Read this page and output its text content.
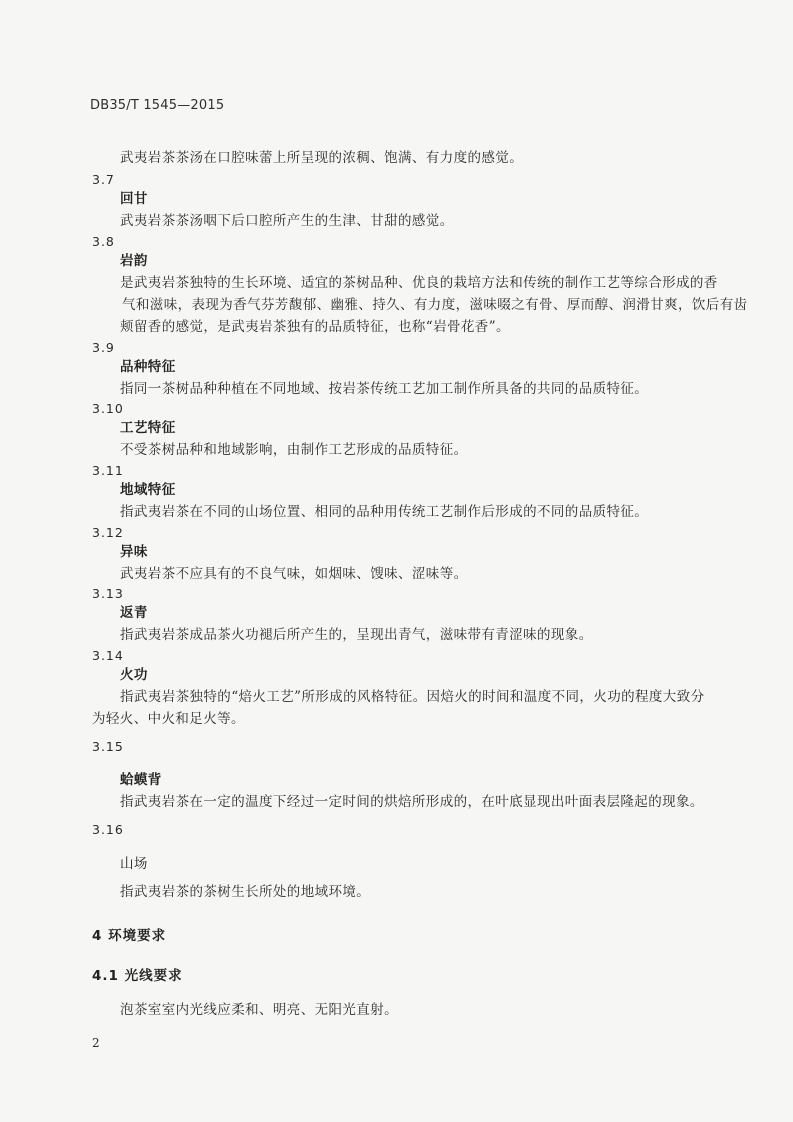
DB35/T 1545—2015
武夷岩茶茶汤在口腔味蕾上所呈现的浓稠、饱满、有力度的感觉。
3.7
回甘
武夷岩茶茶汤咽下后口腔所产生的生津、甘甜的感觉。
3.8
岩韵
是武夷岩茶独特的生长环境、适宜的茶树品种、优良的栽培方法和传统的制作工艺等综合形成的香
气和滋味，表现为香气芬芳馥郁、幽雅、持久、有力度，滋味啜之有骨、厚而醇、润滑甘爽，饮后有齿
颊留香的感觉，是武夷岩茶独有的品质特征，也称“岩骨花香”。
3.9
品种特征
指同一茶树品种种植在不同地域、按岩茶传统工艺加工制作所具备的共同的品质特征。
3.10
工艺特征
不受茶树品种和地域影响，由制作工艺形成的品质特征。
3.11
地域特征
指武夷岩茶在不同的山场位置、相同的品种用传统工艺制作后形成的不同的品质特征。
3.12
异味
武夷岩茶不应具有的不良气味，如烟味、馊味、涩味等。
3.13
返青
指武夷岩茶成品茶火功褪后所产生的，呈现出青气，滋味带有青涩味的现象。
3.14
火功
指武夷岩茶独特的“焙火工艺”所形成的风格特征。因焙火的时间和温度不同，火功的程度大致分
为轻火、中火和足火等。
3.15
蛤蟆背
指武夷岩茶在一定的温度下经过一定时间的烘焙所形成的，在叶底显现出叶面表层隆起的现象。
3.16
山场
指武夷岩茶的茶树生长所处的地域环境。
4 环境要求
4.1 光线要求
泡茶室室内光线应柔和、明亮、无阳光直射。
2
